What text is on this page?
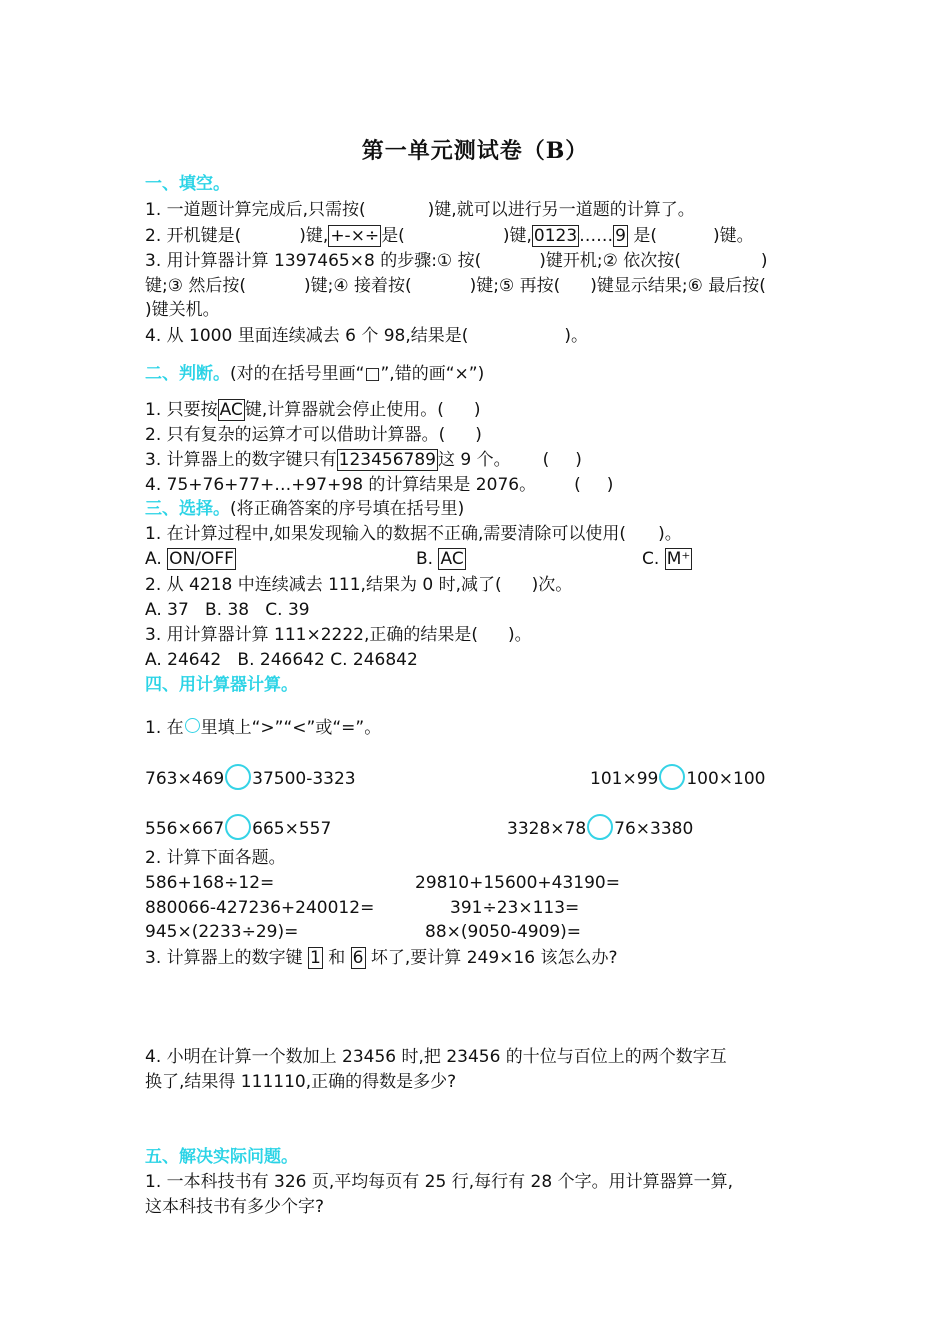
第一单元测试卷（B）
一、填空。
1. 一道题计算完成后,只需按(	)键,就可以进行另一道题的计算了。
2. 开机键是(	)键, +-×÷ 是(	)键, 0123 …… 9 是(	)键。
3. 用计算器计算 1397465×8 的步骤:① 按(	)键开机;② 依次按(	)
键;③ 然后按(	)键;④ 接着按(	)键;⑤ 再按( )键显示结果;⑥ 最后按(
)键关机。
4. 从 1000 里面连续减去 6 个 98,结果是(	)。
二、判断。(对的在括号里画“□”,错的画“×”)
1. 只要按 AC 键,计算器就会停止使用。( )
2. 只有复杂的运算才可以借助计算器。( )
3. 计算器上的数字键只有 123456789 这 9 个。 ( )
4. 75+76+77+…+97+98 的计算结果是 2076。 ( )
三、选择。(将正确答案的序号填在括号里)
1. 在计算过程中,如果发现输入的数据不正确,需要清除可以使用( )。
A. ON/OFF	B. AC	C. M⁺
2. 从 4218 中连续减去 111,结果为 0 时,减了( )次。
A. 37   B. 38   C. 39
3. 用计算器计算 111×2222,正确的结果是( )。
A. 24642   B. 246642 C. 246842
四、用计算器计算。
1. 在 里填上“>”“<”或“=”。
763×469 37500-3323	101×99 100×100
556×667 665×557	3328×78 76×3380
2. 计算下面各题。
586+168÷12=	29810+15600+43190=
880066-427236+240012=	391÷23×113=
945×(2233÷29)=	88×(9050-4909)=
3. 计算器上的数字键 1 和 6 坏了,要计算 249×16 该怎么办?
4. 小明在计算一个数加上 23456 时,把 23456 的十位与百位上的两个数字互
换了,结果得 111110,正确的得数是多少?
五、解决实际问题。
1. 一本科技书有 326 页,平均每页有 25 行,每行有 28 个字。用计算器算一算,
这本科技书有多少个字?
